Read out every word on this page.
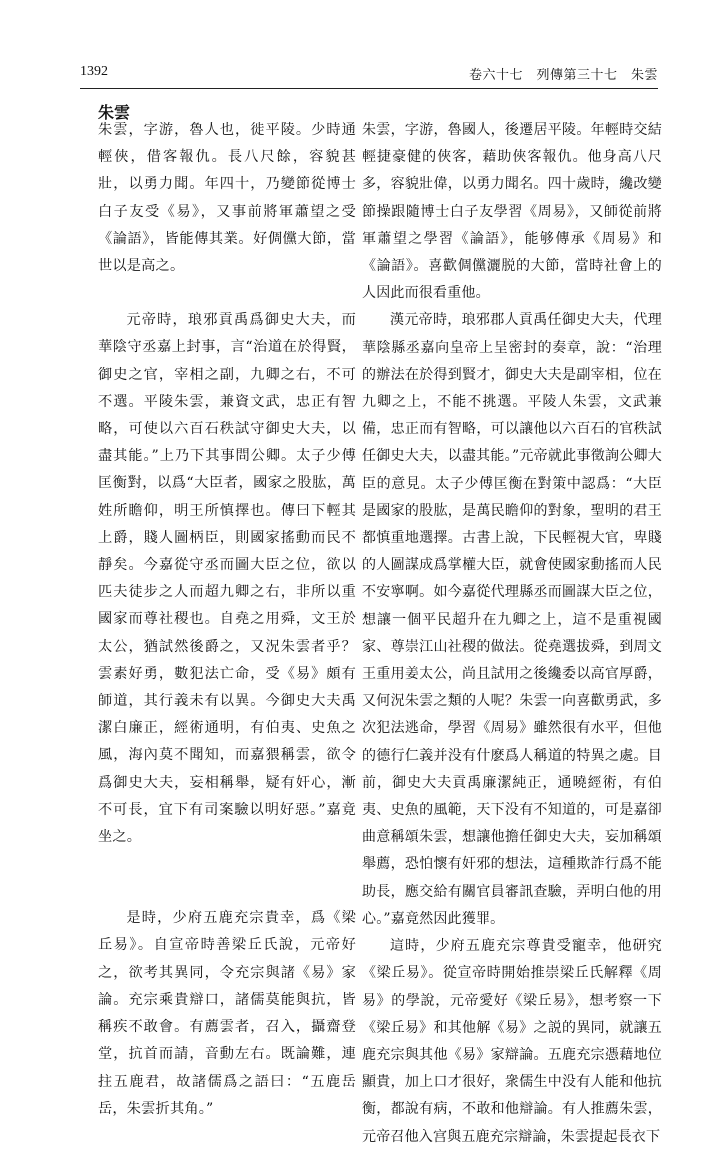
1392	卷六十七　列傳第三十七　朱雲
朱雲

朱雲，字游，魯人也，徙平陵。少時通輕俠，借客報仇。長八尺餘，容貌甚壯，以勇力聞。年四十，乃變節從博士白子友受《易》，又事前將軍蕭望之受《論語》，皆能傳其業。好倜儻大節，當世以是高之。

元帝時，琅邪貢禹爲御史大夫，而華陰守丞嘉上封事，言“治道在於得賢，御史之官，宰相之副，九卿之右，不可不選。平陵朱雲，兼資文武，忠正有智略，可使以六百石秩試守御史大夫，以盡其能。”上乃下其事問公卿。太子少傅匡衡對，以爲“大臣者，國家之股肱，萬姓所瞻仰，明王所慎擇也。傳曰下輕其上爵，賤人圖柄臣，則國家搖動而民不靜矣。今嘉從守丞而圖大臣之位，欲以匹夫徒步之人而超九卿之右，非所以重國家而尊社稷也。自堯之用舜，文王於太公，猶試然後爵之，又況朱雲者乎？雲素好勇，數犯法亡命，受《易》頗有師道，其行義未有以異。今御史大夫禹潔白廉正，經術通明，有伯夷、史魚之風，海內莫不聞知，而嘉猥稱雲，欲令爲御史大夫，妄相稱舉，疑有奸心，漸不可長，宜下有司案驗以明好惡。”嘉竟坐之。

是時，少府五鹿充宗貴幸，爲《梁丘易》。自宣帝時善梁丘氏說，元帝好之，欲考其異同，令充宗與諸《易》家論。充宗乘貴辯口，諸儒莫能與抗，皆稱疾不敢會。有薦雲者，召入，攝齋登堂，抗首而請，音動左右。既論難，連拄五鹿君，故諸儒爲之語曰：“五鹿岳岳，朱雲折其角。”

朱雲，字游，魯國人，後遷居平陵。年輕時交結輕捷豪健的俠客，藉助俠客報仇。他身高八尺多，容貌壯偉，以勇力聞名。四十歲時，纔改變節操跟隨博士白子友學習《周易》，又師從前將軍蕭望之學習《論語》，能够傳承《周易》和《論語》。喜歡倜儻灑脱的大節，當時社會上的人因此而很看重他。

漢元帝時，琅邪郡人貢禹任御史大夫，代理華陰縣丞嘉向皇帝上呈密封的奏章，說：“治理的辦法在於得到賢才，御史大夫是副宰相，位在九卿之上，不能不挑選。平陵人朱雲，文武兼備，忠正而有智略，可以讓他以六百石的官秩試任御史大夫，以盡其能。”元帝就此事徵詢公卿大臣的意見。太子少傅匡衡在對策中認爲：“大臣是國家的股肱，是萬民瞻仰的對象，聖明的君王都慎重地選擇。古書上說，下民輕視大官，卑賤的人圖謀成爲掌權大臣，就會使國家動搖而人民不安寧啊。如今嘉從代理縣丞而圖謀大臣之位，想讓一個平民超升在九卿之上，這不是重視國家、尊崇江山社稷的做法。從堯選拔舜，到周文王重用姜太公，尚且試用之後纔委以高官厚爵，又何況朱雲之類的人呢？朱雲一向喜歡勇武，多次犯法逃命，學習《周易》雖然很有水平，但他的德行仁義并没有什麽爲人稱道的特異之處。目前，御史大夫貢禹廉潔純正，通曉經術，有伯夷、史魚的風範，天下没有不知道的，可是嘉卻曲意稱頌朱雲，想讓他擔任御史大夫，妄加稱頌舉薦，恐怕懷有奸邪的想法，這種欺詐行爲不能助長，應交給有關官員審訊查驗，弄明白他的用心。”嘉竟然因此獲罪。

這時，少府五鹿充宗尊貴受寵幸，他研究《梁丘易》。從宣帝時開始推崇梁丘氏解釋《周易》的學說，元帝愛好《梁丘易》，想考察一下《梁丘易》和其他解《易》之説的異同，就讓五鹿充宗與其他《易》家辯論。五鹿充宗憑藉地位顯貴，加上口才很好，衆儒生中没有人能和他抗衡，都說有病，不敢和他辯論。有人推薦朱雲，元帝召他入宫與五鹿充宗辯論，朱雲提起長衣下
